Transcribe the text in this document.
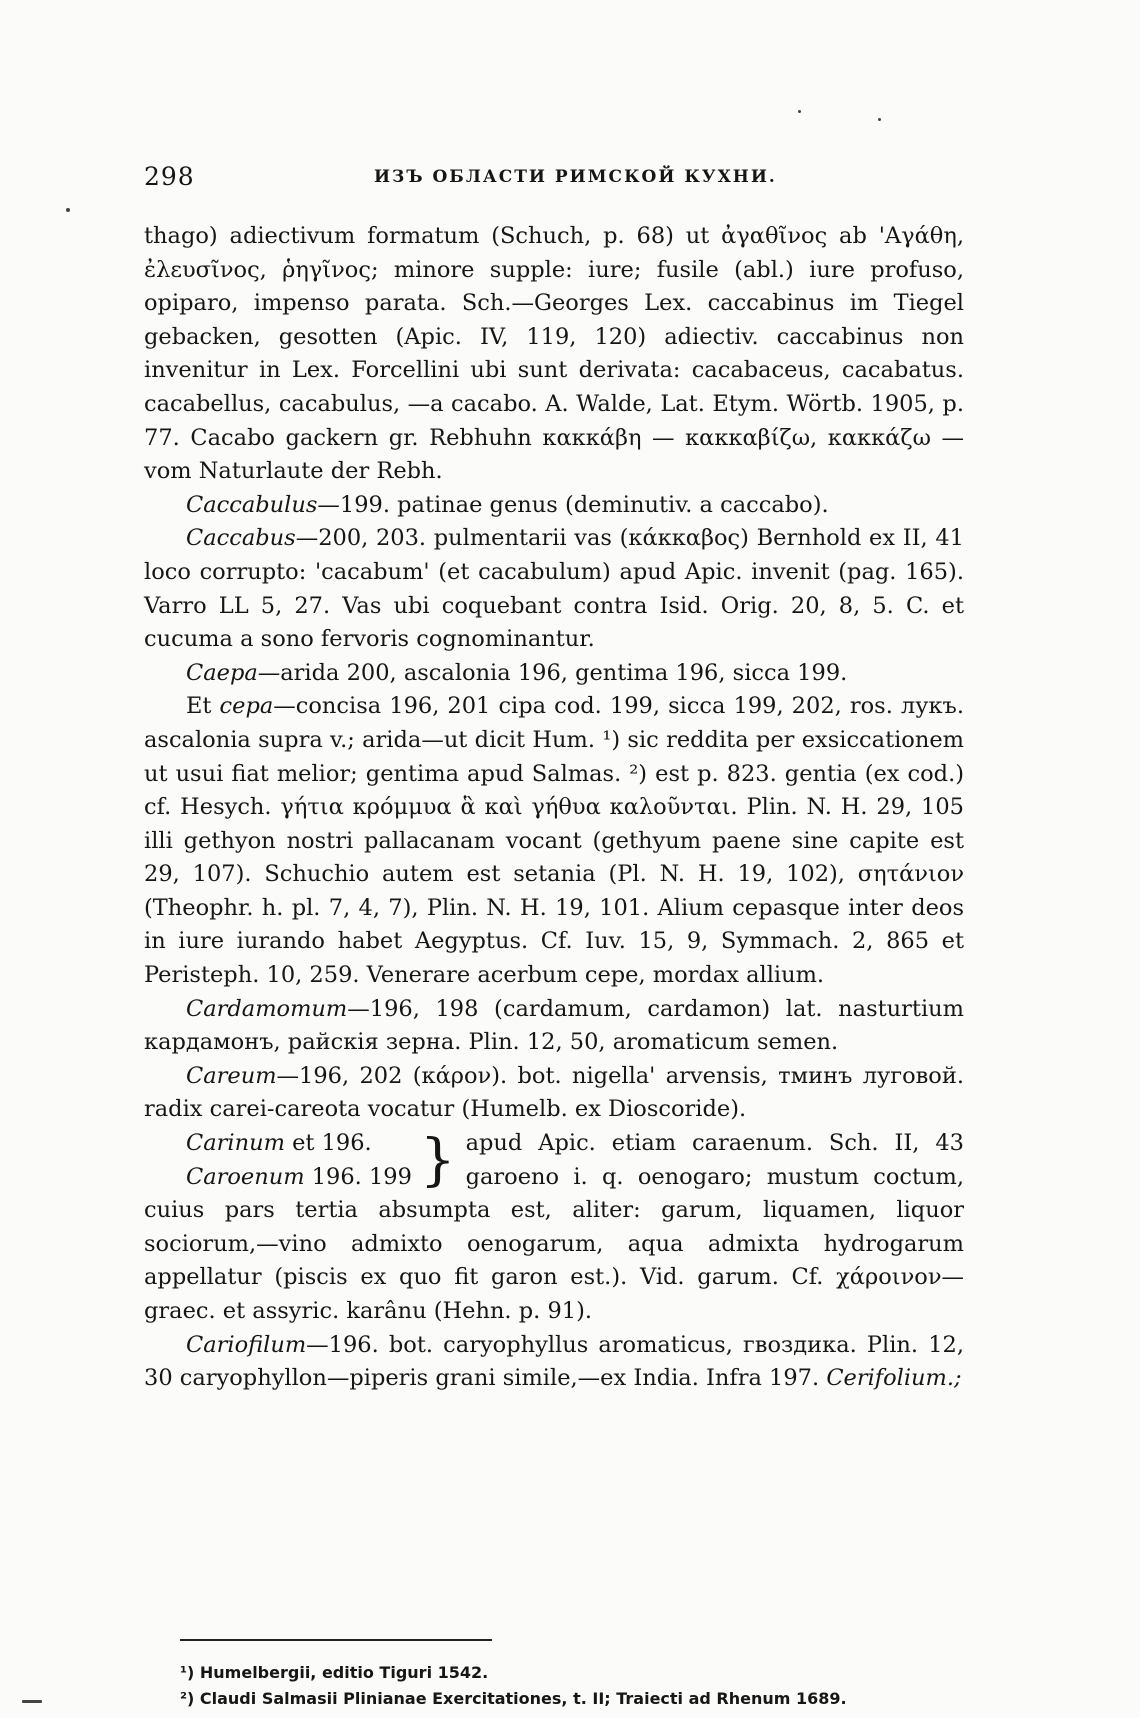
298	ИЗЪ ОБЛАСТИ РИМСКОЙ КУХНИ.

thago) adiectivum formatum (Schuch, p. 68) ut ἀγαθῖνος ab 'Αγάθη, ἐλευσῖνος, ῥηγῖνος; minore supple: iure; fusile (abl.) iure profuso, opiparo, impenso parata. Sch.—Georges Lex. caccabinus im Tiegel gebacken, gesotten (Apic. IV, 119, 120) adiectiv. caccabinus non invenitur in Lex. Forcellini ubi sunt derivata: cacabaceus, cacabatus. cacabellus, cacabulus, —a cacabo. A. Walde, Lat. Etym. Wörtb. 1905, p. 77. Cacabo gackern gr. Rebhuhn κακκάβη — κακκαβίζω, κακκάζω — vom Naturlaute der Rebh.

Caccabulus—199. patinae genus (deminutiv. a caccabo).

Caccabus—200, 203. pulmentarii vas (κάκκαβος) Bernhold ex II, 41 loco corrupto: 'cacabum' (et cacabulum) apud Apic. invenit (pag. 165). Varro LL 5, 27. Vas ubi coquebant contra Isid. Orig. 20, 8, 5. C. et cucuma a sono fervoris cognominantur.

Caepa—arida 200, ascalonia 196, gentima 196, sicca 199.

Et cepa—concisa 196, 201 cipa cod. 199, sicca 199, 202, ros. лукъ. ascalonia supra v.; arida—ut dicit Hum. ¹) sic reddita per exsiccationem ut usui fiat melior; gentima apud Salmas. ²) est p. 823. gentia (ex cod.) cf. Hesych. γήτια κρόμμυα ἃ καὶ γήθυα καλοῦνται. Plin. N. H. 29, 105 illi gethyon nostri pallacanam vocant (gethyum paene sine capite est 29, 107). Schuchio autem est setania (Pl. N. H. 19, 102), σητάνιον (Theophr. h. pl. 7, 4, 7), Plin. N. H. 19, 101. Alium cepasque inter deos in iure iurando habet Aegyptus. Cf. Iuv. 15, 9, Symmach. 2, 865 et Peristeph. 10, 259. Venerare acerbum cepe, mordax allium.

Cardamomum—196, 198 (cardamum, cardamon) lat. nasturtium кардамонъ, райскія зерна. Plin. 12, 50, aromaticum semen.

Careum—196, 202 (κάρον). bot. nigella' arvensis, тминъ луговой. radix carei-careota vocatur (Humelb. ex Dioscoride).

Carinum et 196.
Caroenum 196. 199 } apud Apic. etiam caraenum. Sch. II, 43
garoeno i. q. oenogaro; mustum coctum,

cuius pars tertia absumpta est, aliter: garum, liquamen, liquor sociorum,—vino admixto oenogarum, aqua admixta hydrogarum appellatur (piscis ex quo fit garon est.). Vid. garum. Cf. χάροινον—graec. et assyric. karânu (Hehn. p. 91).

Cariofilum—196. bot. caryophyllus aromaticus, гвоздика. Plin. 12, 30 caryophyllon—piperis grani simile,—ex India. Infra 197. Cerifolium.;

¹) Humelbergii, editio Tiguri 1542.
²) Claudi Salmasii Plinianae Exercitationes, t. II; Traiecti ad Rhenum 1689.
